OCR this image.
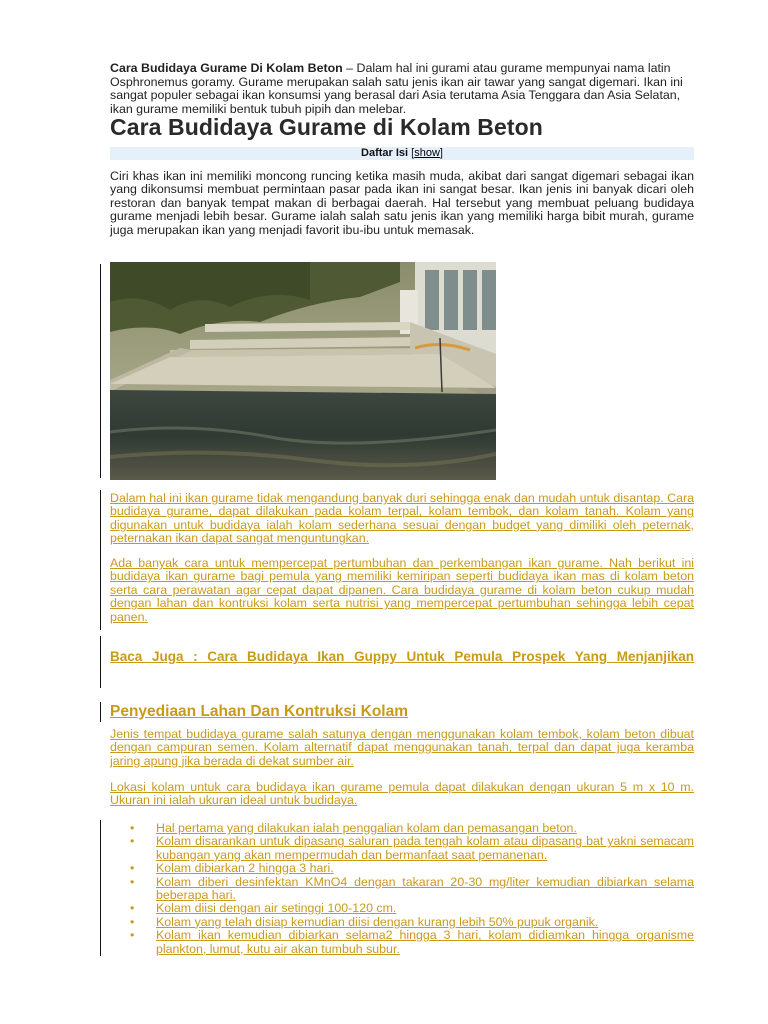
Cara Budidaya Gurame Di Kolam Beton – Dalam hal ini gurami atau gurame mempunyai nama latin Osphronemus goramy. Gurame merupakan salah satu jenis ikan air tawar yang sangat digemari. Ikan ini sangat populer sebagai ikan konsumsi yang berasal dari Asia terutama Asia Tenggara dan Asia Selatan, ikan gurame memiliki bentuk tubuh pipih dan melebar.
Cara Budidaya Gurame di Kolam Beton
Daftar Isi [show]
Ciri khas ikan ini memiliki moncong runcing ketika masih muda, akibat dari sangat digemari sebagai ikan yang dikonsumsi membuat permintaan pasar pada ikan ini sangat besar. Ikan jenis ini banyak dicari oleh restoran dan banyak tempat makan di berbagai daerah. Hal tersebut yang membuat peluang budidaya gurame menjadi lebih besar. Gurame ialah salah satu jenis ikan yang memiliki harga bibit murah, gurame juga merupakan ikan yang menjadi favorit ibu-ibu untuk memasak.
Dalam hal ini ikan gurame tidak mengandung banyak duri sehingga enak dan mudah untuk disantap. Cara budidaya gurame, dapat dilakukan pada kolam terpal, kolam tembok, dan kolam tanah. Kolam yang digunakan untuk budidaya ialah kolam sederhana sesuai dengan budget yang dimiliki oleh peternak, peternakan ikan dapat sangat menguntungkan.
Ada banyak cara untuk mempercepat pertumbuhan dan perkembangan ikan gurame. Nah berikut ini budidaya ikan gurame bagi pemula yang memiliki kemiripan seperti budidaya ikan mas di kolam beton serta cara perawatan agar cepat dapat dipanen. Cara budidaya gurame di kolam beton cukup mudah dengan lahan dan kontruksi kolam serta nutrisi yang mempercepat pertumbuhan sehingga lebih cepat panen.
Baca Juga : Cara Budidaya Ikan Guppy Untuk Pemula Prospek Yang Menjanjikan
Penyediaan Lahan Dan Kontruksi Kolam
Jenis tempat budidaya gurame salah satunya dengan menggunakan kolam tembok, kolam beton dibuat dengan campuran semen. Kolam alternatif dapat menggunakan tanah, terpal dan dapat juga keramba jaring apung jika berada di dekat sumber air.
Lokasi kolam untuk cara budidaya ikan gurame pemula dapat dilakukan dengan ukuran 5 m x 10 m. Ukuran ini ialah ukuran ideal untuk budidaya.
• Hal pertama yang dilakukan ialah penggalian kolam dan pemasangan beton.
• Kolam disarankan untuk dipasang saluran pada tengah kolam atau dipasang bat yakni semacam kubangan yang akan mempermudah dan bermanfaat saat pemanenan.
• Kolam dibiarkan 2 hingga 3 hari.
• Kolam diberi desinfektan KMnO4 dengan takaran 20-30 mg/liter kemudian dibiarkan selama beberapa hari.
• Kolam diisi dengan air setinggi 100-120 cm.
• Kolam yang telah disiap kemudian diisi dengan kurang lebih 50% pupuk organik.
• Kolam ikan kemudian dibiarkan selama2 hingga 3 hari, kolam didiamkan hingga organisme plankton, lumut, kutu air akan tumbuh subur.
